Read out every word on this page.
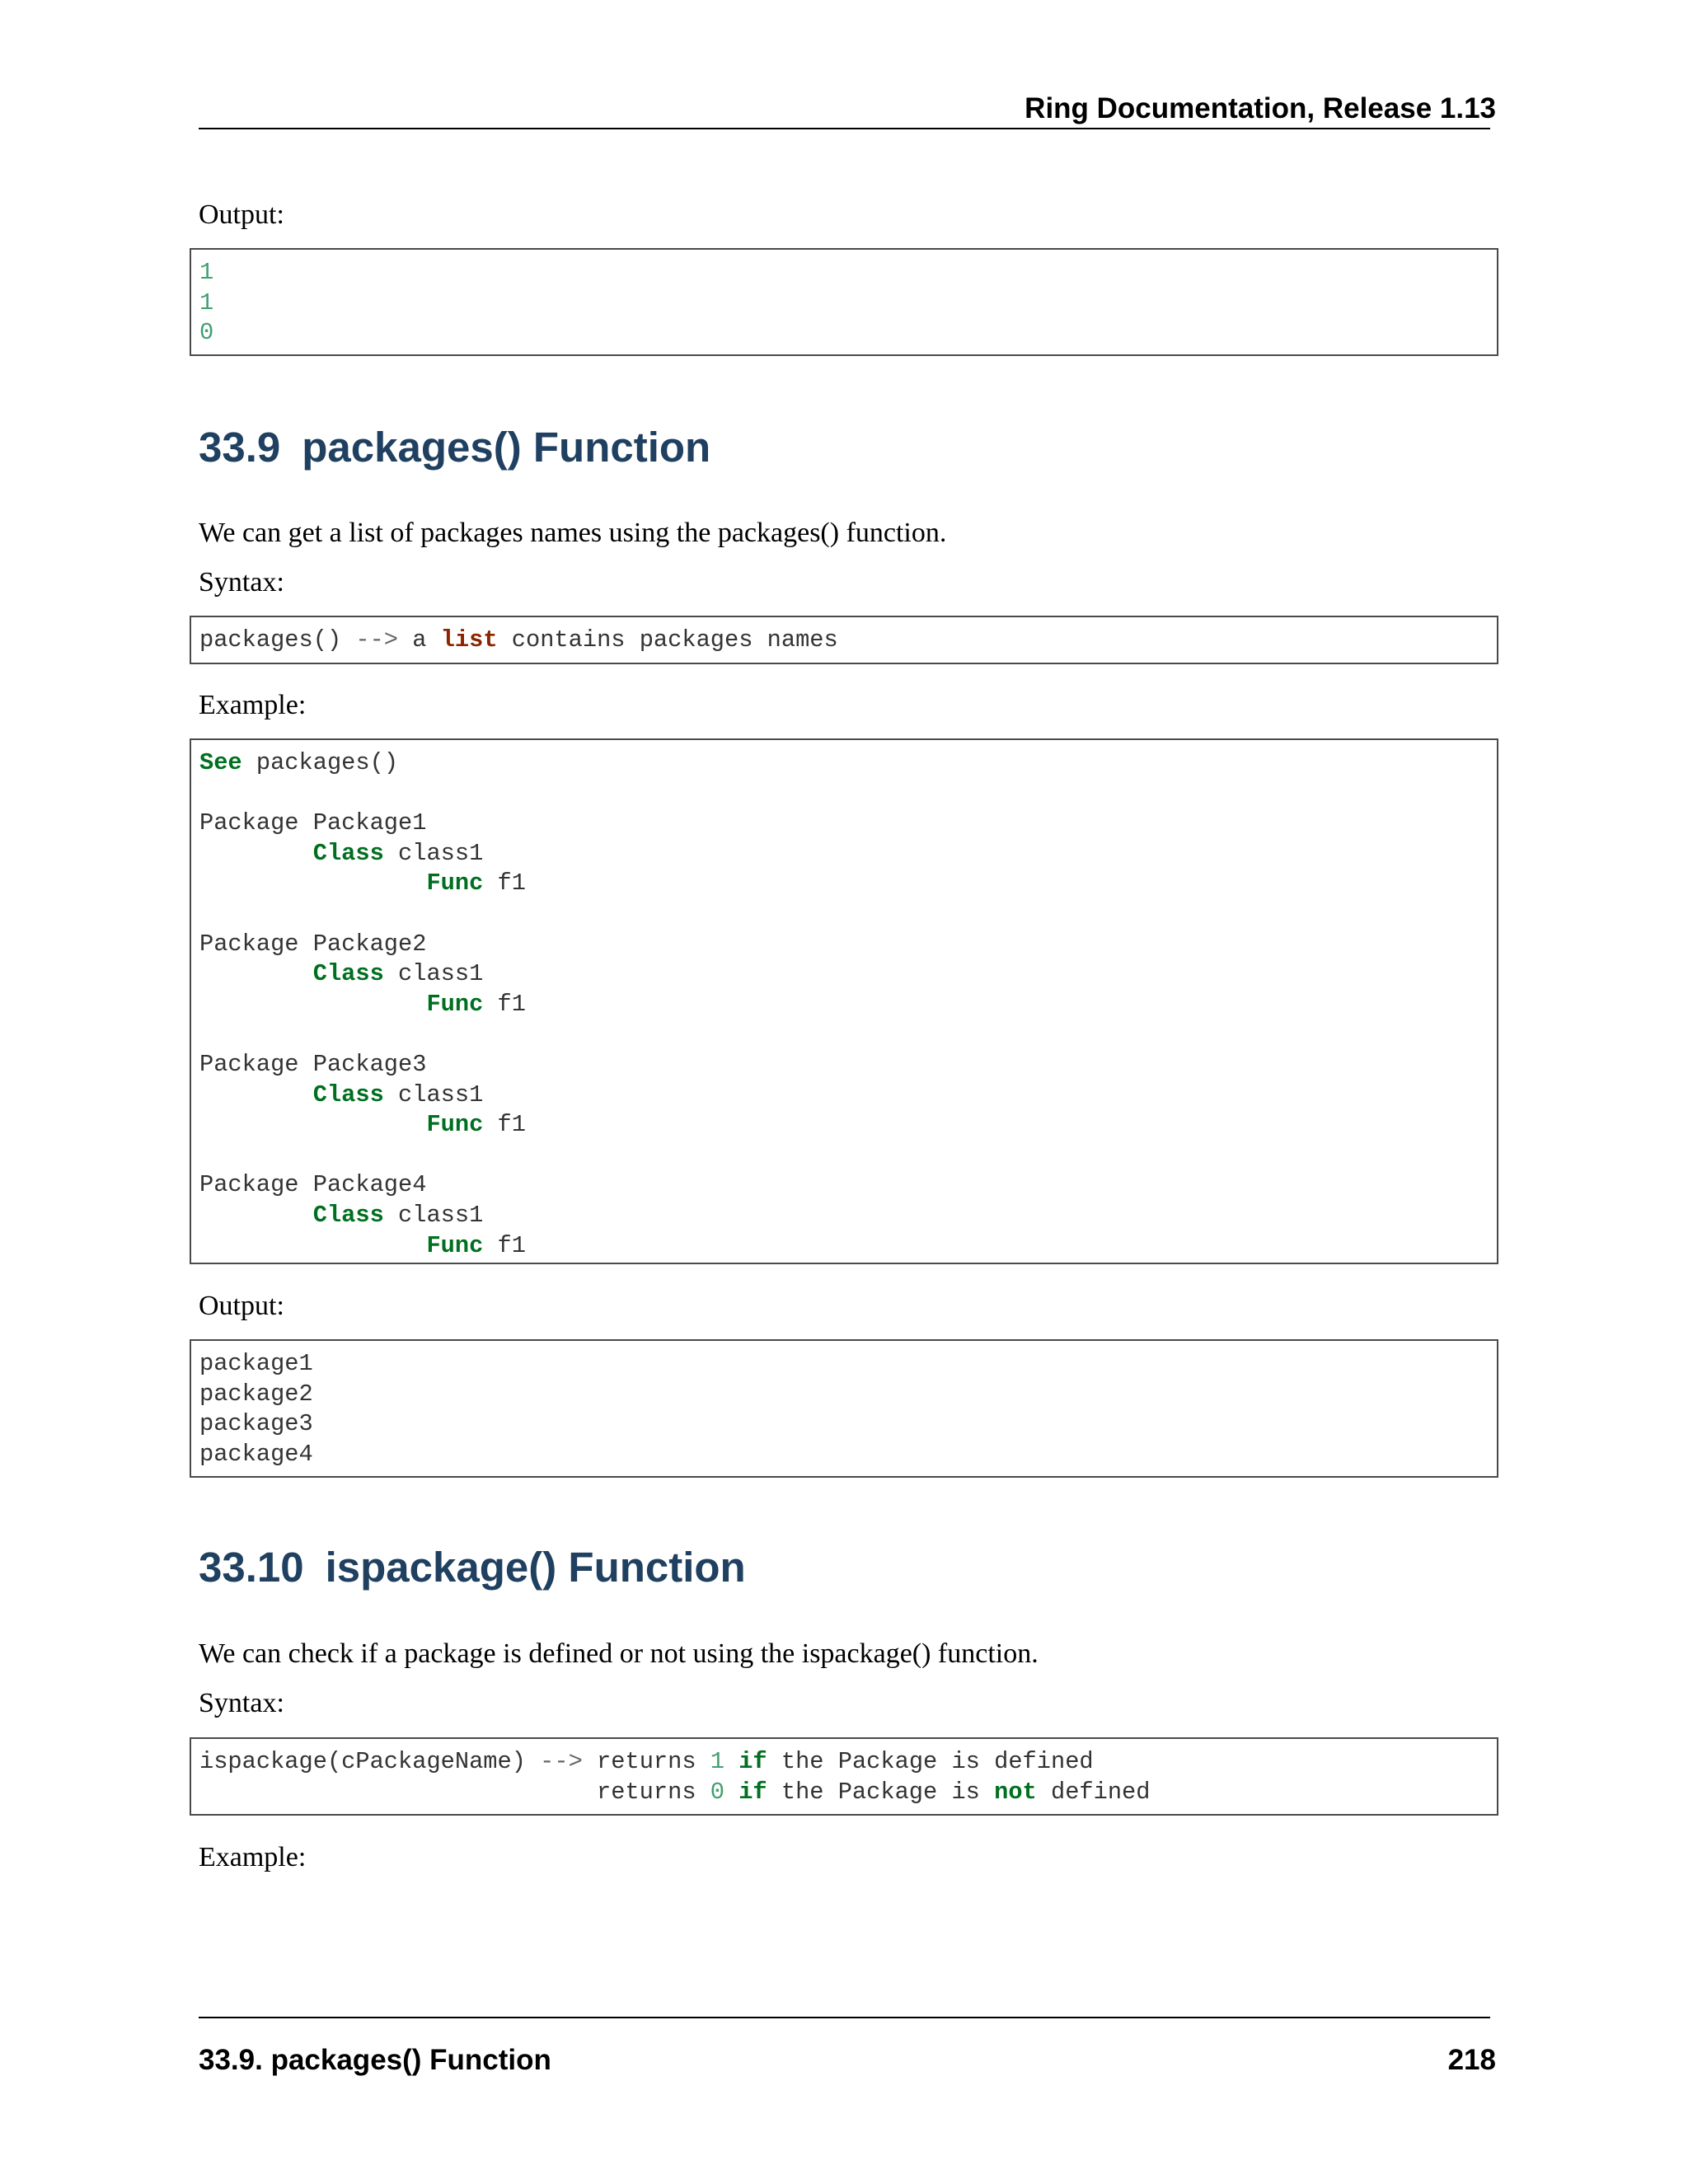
Ring Documentation, Release 1.13
Output:
1
1
0
33.9 packages() Function
We can get a list of packages names using the packages() function.
Syntax:
packages() --> a list contains packages names
Example:
See packages()

Package Package1
Class class1
Func f1

Package Package2
Class class1
Func f1

Package Package3
Class class1
Func f1

Package Package4
Class class1
Func f1
Output:
package1
package2
package3
package4
33.10 ispackage() Function
We can check if a package is defined or not using the ispackage() function.
Syntax:
ispackage(cPackageName) --> returns 1 if the Package is defined
returns 0 if the Package is not defined
Example:
33.9. packages() Function	218
